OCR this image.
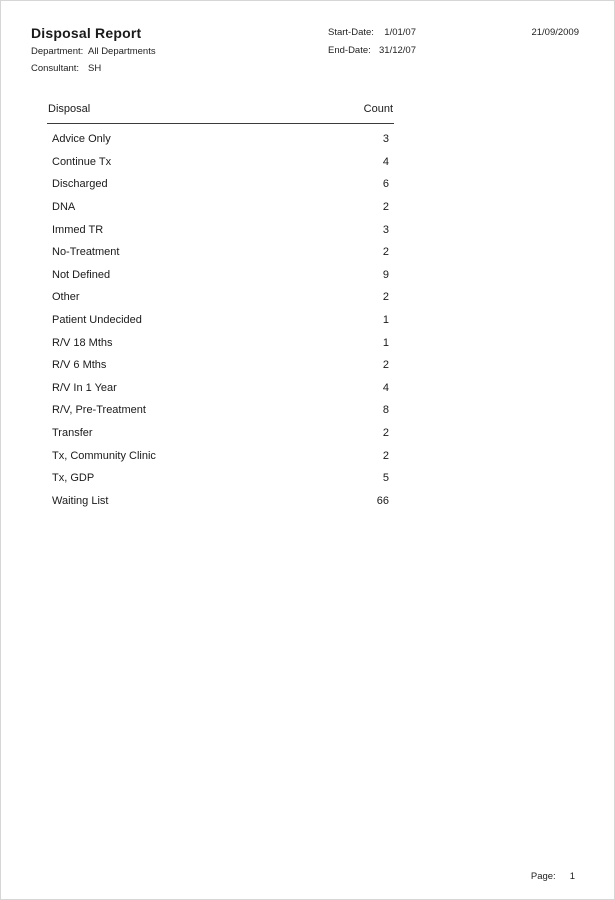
Disposal Report
Department: All Departments
Consultant: SH
Start-Date:	1/01/07
End-Date: 31/12/07
21/09/2009
Disposal	Count
Advice Only	3
Continue Tx	4
Discharged	6
DNA	2
Immed TR	3
No-Treatment	2
Not Defined	9
Other	2
Patient Undecided	1
R/V 18 Mths	1
R/V 6 Mths	2
R/V In 1 Year	4
R/V, Pre-Treatment	8
Transfer	2
Tx, Community Clinic	2
Tx, GDP	5
Waiting List	66
Page: 1
